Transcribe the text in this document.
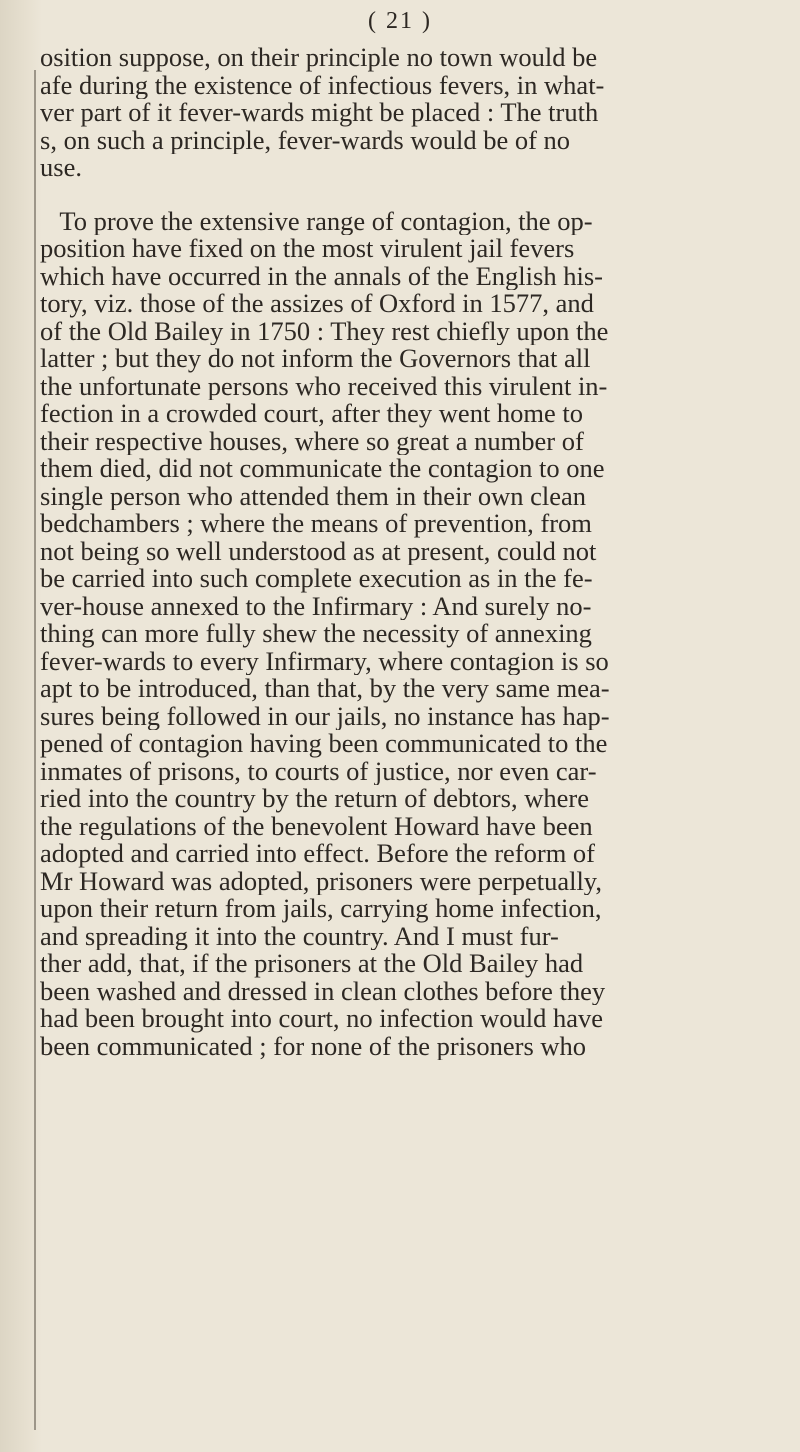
( 21 )
osition suppose, on their principle no town would be
afe during the existence of infectious fevers, in what-
ver part of it fever-wards might be placed : The truth
s, on such a principle, fever-wards would be of no
use.
To prove the extensive range of contagion, the op-
position have fixed on the most virulent jail fevers
which have occurred in the annals of the English his-
tory, viz. those of the assizes of Oxford in 1577, and
of the Old Bailey in 1750 : They rest chiefly upon the
latter ; but they do not inform the Governors that all
the unfortunate persons who received this virulent in-
fection in a crowded court, after they went home to
their respective houses, where so great a number of
them died, did not communicate the contagion to one
single person who attended them in their own clean
bedchambers ; where the means of prevention, from
not being so well understood as at present, could not
be carried into such complete execution as in the fe-
ver-house annexed to the Infirmary : And surely no-
thing can more fully shew the necessity of annexing
fever-wards to every Infirmary, where contagion is so
apt to be introduced, than that, by the very same mea-
sures being followed in our jails, no instance has hap-
pened of contagion having been communicated to the
inmates of prisons, to courts of justice, nor even car-
ried into the country by the return of debtors, where
the regulations of the benevolent Howard have been
adopted and carried into effect. Before the reform of
Mr Howard was adopted, prisoners were perpetually,
upon their return from jails, carrying home infection,
and spreading it into the country. And I must fur-
ther add, that, if the prisoners at the Old Bailey had
been washed and dressed in clean clothes before they
had been brought into court, no infection would have
been communicated ; for none of the prisoners who
